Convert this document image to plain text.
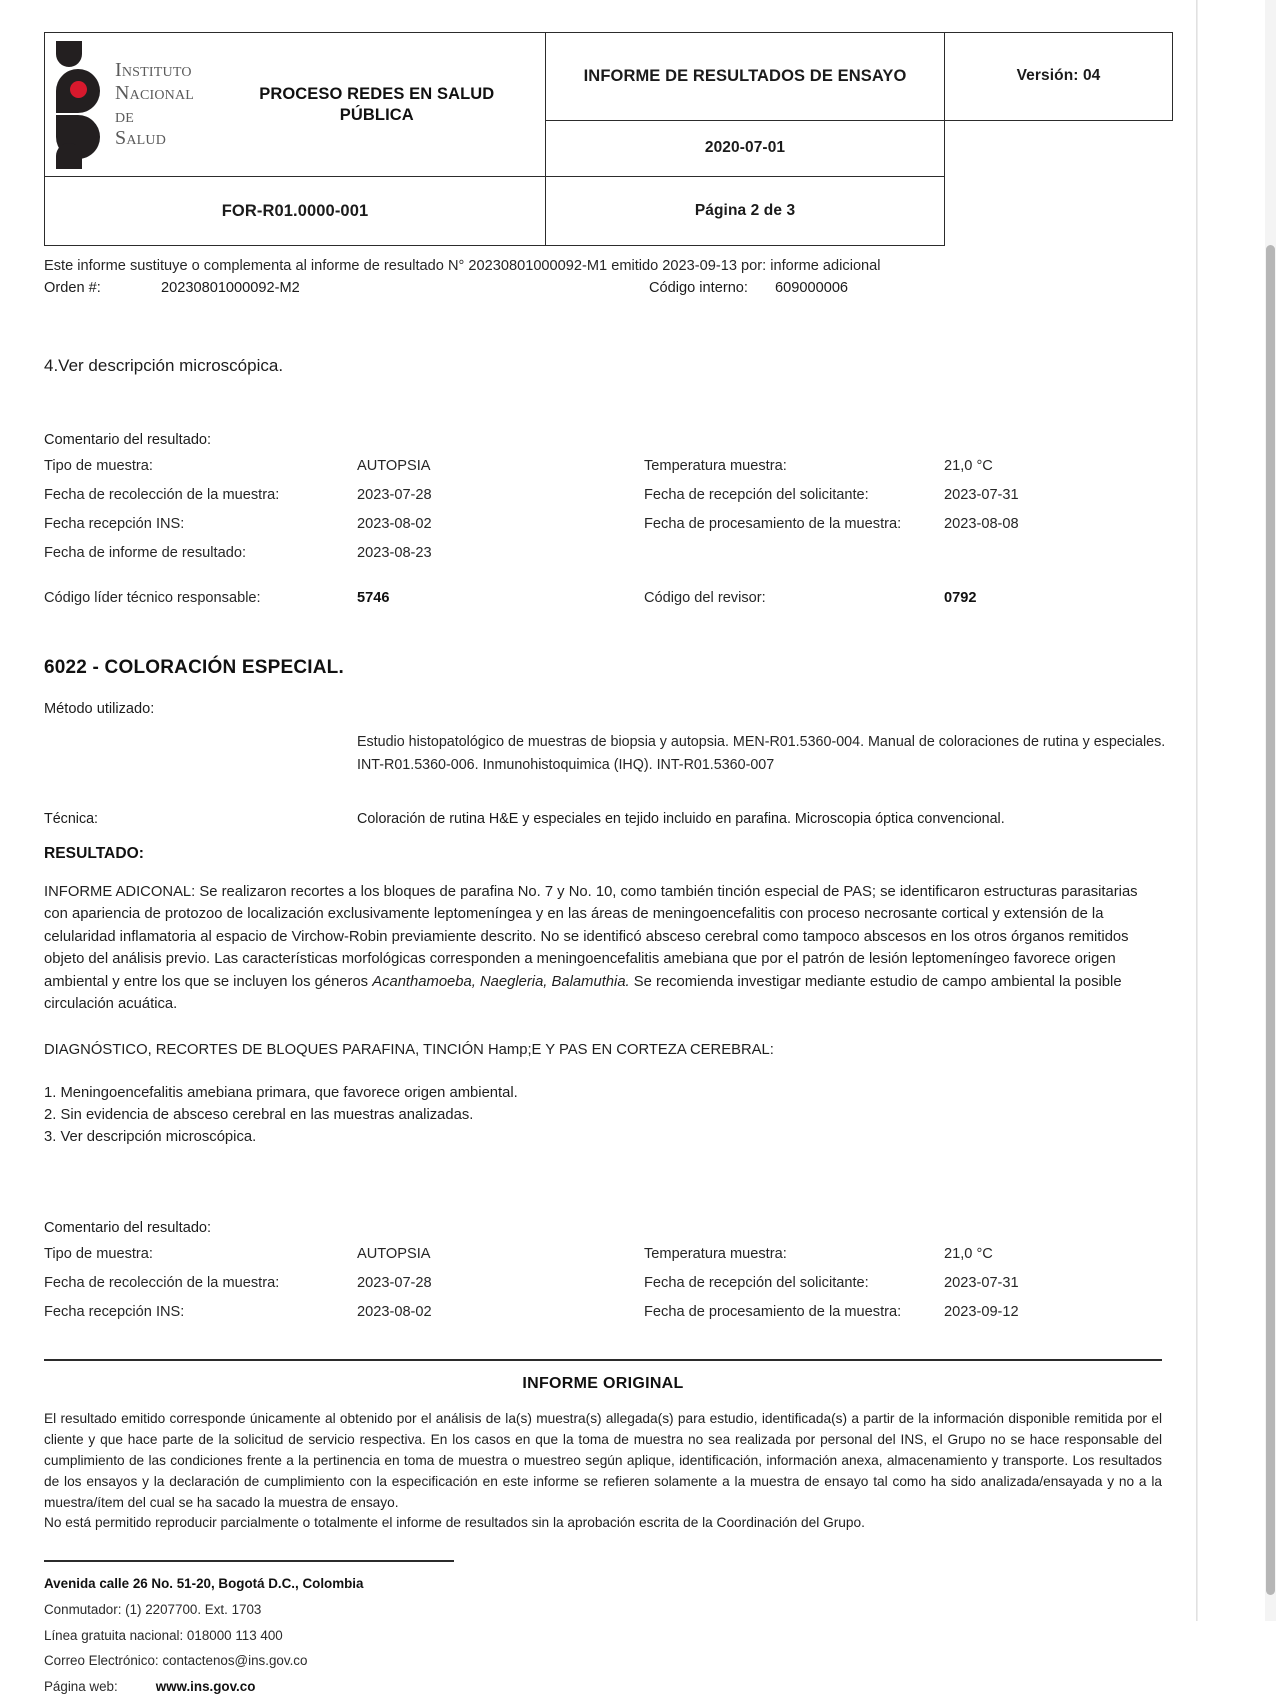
Instituto
Nacional de
Salud
PROCESO REDES EN SALUD PÚBLICA	INFORME DE RESULTADOS DE ENSAYO	Versión: 04
	2020-07-01	
FOR-R01.0000-001	Página 2 de 3	
Este informe sustituye o complementa al informe de resultado N° 20230801000092-M1 emitido 2023-09-13 por: informe adicional
Orden #:	20230801000092-M2	Código interno: 609000006
4.Ver descripción microscópica.
Comentario del resultado:
Tipo de muestra:	AUTOPSIA	Temperatura muestra:	21,0 °C
Fecha de recolección de la muestra:	2023-07-28	Fecha de recepción del solicitante:	2023-07-31
Fecha recepción INS:	2023-08-02	Fecha de procesamiento de la muestra:	2023-08-08
Fecha de informe de resultado:	2023-08-23
Código líder técnico responsable:	5746	Código del revisor:	0792
6022 - COLORACIÓN ESPECIAL.
Método utilizado:
Estudio histopatológico de muestras de biopsia y autopsia. MEN-R01.5360-004. Manual de coloraciones de rutina y especiales. INT-R01.5360-006. Inmunohistoquimica (IHQ). INT-R01.5360-007
Técnica:	Coloración de rutina H&E y especiales en tejido incluido en parafina. Microscopia óptica convencional.
RESULTADO:
INFORME ADICONAL: Se realizaron recortes a los bloques de parafina No. 7 y No. 10, como también tinción especial de PAS; se identificaron estructuras parasitarias con apariencia de protozoo de localización exclusivamente leptomeníngea y en las áreas de meningoencefalitis con proceso necrosante cortical y extensión de la celularidad inflamatoria al espacio de Virchow-Robin previamiente descrito. No se identificó absceso cerebral como tampoco abscesos en los otros órganos remitidos objeto del análisis previo. Las características morfológicas corresponden a meningoencefalitis amebiana que por el patrón de lesión leptomeníngeo favorece origen ambiental y entre los que se incluyen los géneros Acanthamoeba, Naegleria, Balamuthia. Se recomienda investigar mediante estudio de campo ambiental la posible circulación acuática.
DIAGNÓSTICO, RECORTES DE BLOQUES PARAFINA, TINCIÓN Hamp;E Y PAS EN CORTEZA CEREBRAL:
1. Meningoencefalitis amebiana primara, que favorece origen ambiental.
2. Sin evidencia de absceso cerebral en las muestras analizadas.
3. Ver descripción microscópica.
Comentario del resultado:
Tipo de muestra:	AUTOPSIA	Temperatura muestra:	21,0 °C
Fecha de recolección de la muestra:	2023-07-28	Fecha de recepción del solicitante:	2023-07-31
Fecha recepción INS:	2023-08-02	Fecha de procesamiento de la muestra:	2023-09-12
INFORME ORIGINAL

El resultado emitido corresponde únicamente al obtenido por el análisis de la(s) muestra(s) allegada(s) para estudio, identificada(s) a partir de la información disponible remitida por el cliente y que hace parte de la solicitud de servicio respectiva. En los casos en que la toma de muestra no sea realizada por personal del INS, el Grupo no se hace responsable del cumplimiento de las condiciones frente a la pertinencia en toma de muestra o muestreo según aplique, identificación, información anexa, almacenamiento y transporte. Los resultados de los ensayos y la declaración de cumplimiento con la especificación en este informe se refieren solamente a la muestra de ensayo tal como ha sido analizada/ensayada y no a la muestra/ítem del cual se ha sacado la muestra de ensayo.

No está permitido reproducir parcialmente o totalmente el informe de resultados sin la aprobación escrita de la Coordinación del Grupo.

Avenida calle 26 No. 51-20, Bogotá D.C., Colombia
Conmutador: (1) 2207700. Ext. 1703
Línea gratuita nacional: 018000 113 400
Correo Electrónico: contactenos@ins.gov.co
Página web:	www.ins.gov.co
